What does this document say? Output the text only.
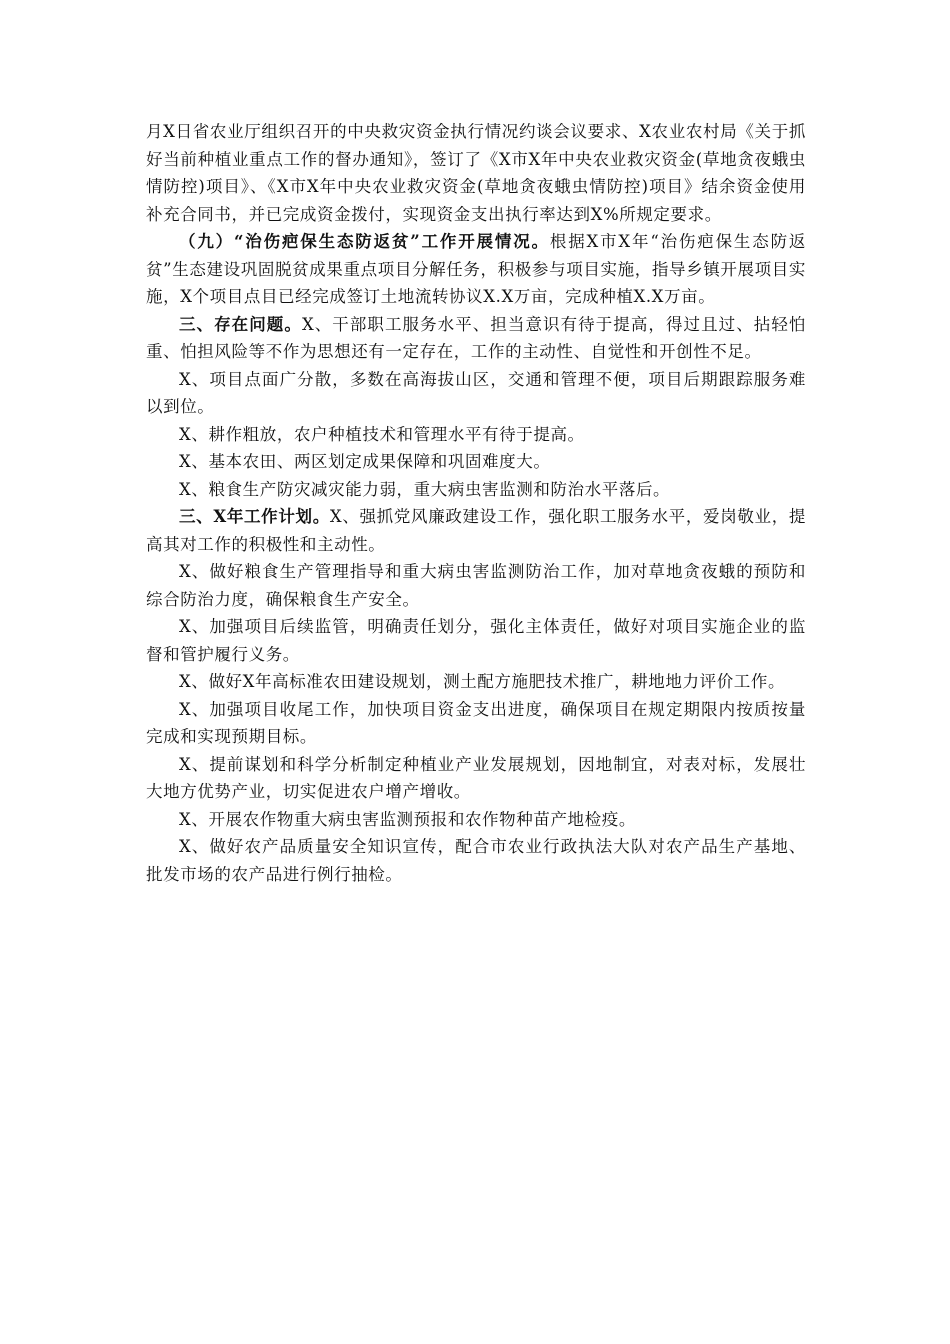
月X日省农业厅组织召开的中央救灾资金执行情况约谈会议要求、X农业农村局《关于抓好当前种植业重点工作的督办通知》，签订了《X市X年中央农业救灾资金(草地贪夜蛾虫情防控)项目》、《X市X年中央农业救灾资金(草地贪夜蛾虫情防控)项目》结余资金使用补充合同书，并已完成资金拨付，实现资金支出执行率达到X%所规定要求。

（九）“治伤疤保生态防返贫”工作开展情况。根据X市X年“治伤疤保生态防返贫”生态建设巩固脱贫成果重点项目分解任务，积极参与项目实施，指导乡镇开展项目实施，X个项目点目已经完成签订土地流转协议X.X万亩，完成种植X.X万亩。

三、存在问题。X、干部职工服务水平、担当意识有待于提高，得过且过、拈轻怕重、怕担风险等不作为思想还有一定存在，工作的主动性、自觉性和开创性不足。

X、项目点面广分散，多数在高海拔山区，交通和管理不便，项目后期跟踪服务难以到位。

X、耕作粗放，农户种植技术和管理水平有待于提高。

X、基本农田、两区划定成果保障和巩固难度大。

X、粮食生产防灾减灾能力弱，重大病虫害监测和防治水平落后。

三、X年工作计划。X、强抓党风廉政建设工作，强化职工服务水平，爱岗敬业，提高其对工作的积极性和主动性。

X、做好粮食生产管理指导和重大病虫害监测防治工作，加对草地贪夜蛾的预防和综合防治力度，确保粮食生产安全。

X、加强项目后续监管，明确责任划分，强化主体责任，做好对项目实施企业的监督和管护履行义务。

X、做好X年高标准农田建设规划，测土配方施肥技术推广，耕地地力评价工作。

X、加强项目收尾工作，加快项目资金支出进度，确保项目在规定期限内按质按量完成和实现预期目标。

X、提前谋划和科学分析制定种植业产业发展规划，因地制宜，对表对标，发展壮大地方优势产业，切实促进农户增产增收。

X、开展农作物重大病虫害监测预报和农作物种苗产地检疫。

X、做好农产品质量安全知识宣传，配合市农业行政执法大队对农产品生产基地、批发市场的农产品进行例行抽检。
